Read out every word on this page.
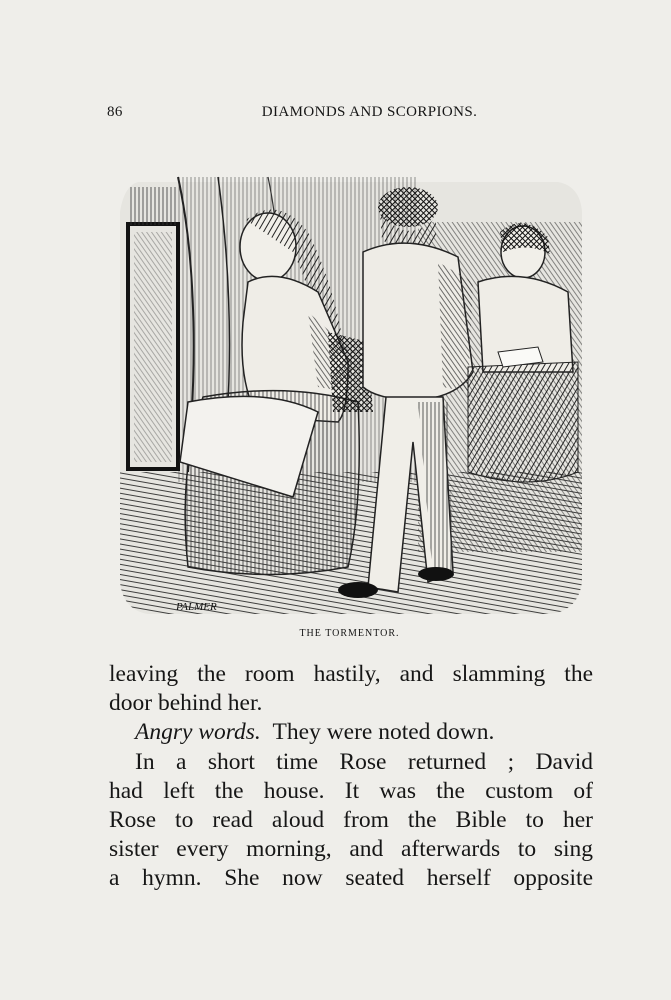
86	DIAMONDS AND SCORPIONS.
PALMER
THE TORMENTOR.
leaving the room hastily, and slamming the
door behind her.
Angry words. They were noted down.
In a short time Rose returned ; David
had left the house. It was the custom of
Rose to read aloud from the Bible to her
sister every morning, and afterwards to sing
a hymn. She now seated herself opposite
